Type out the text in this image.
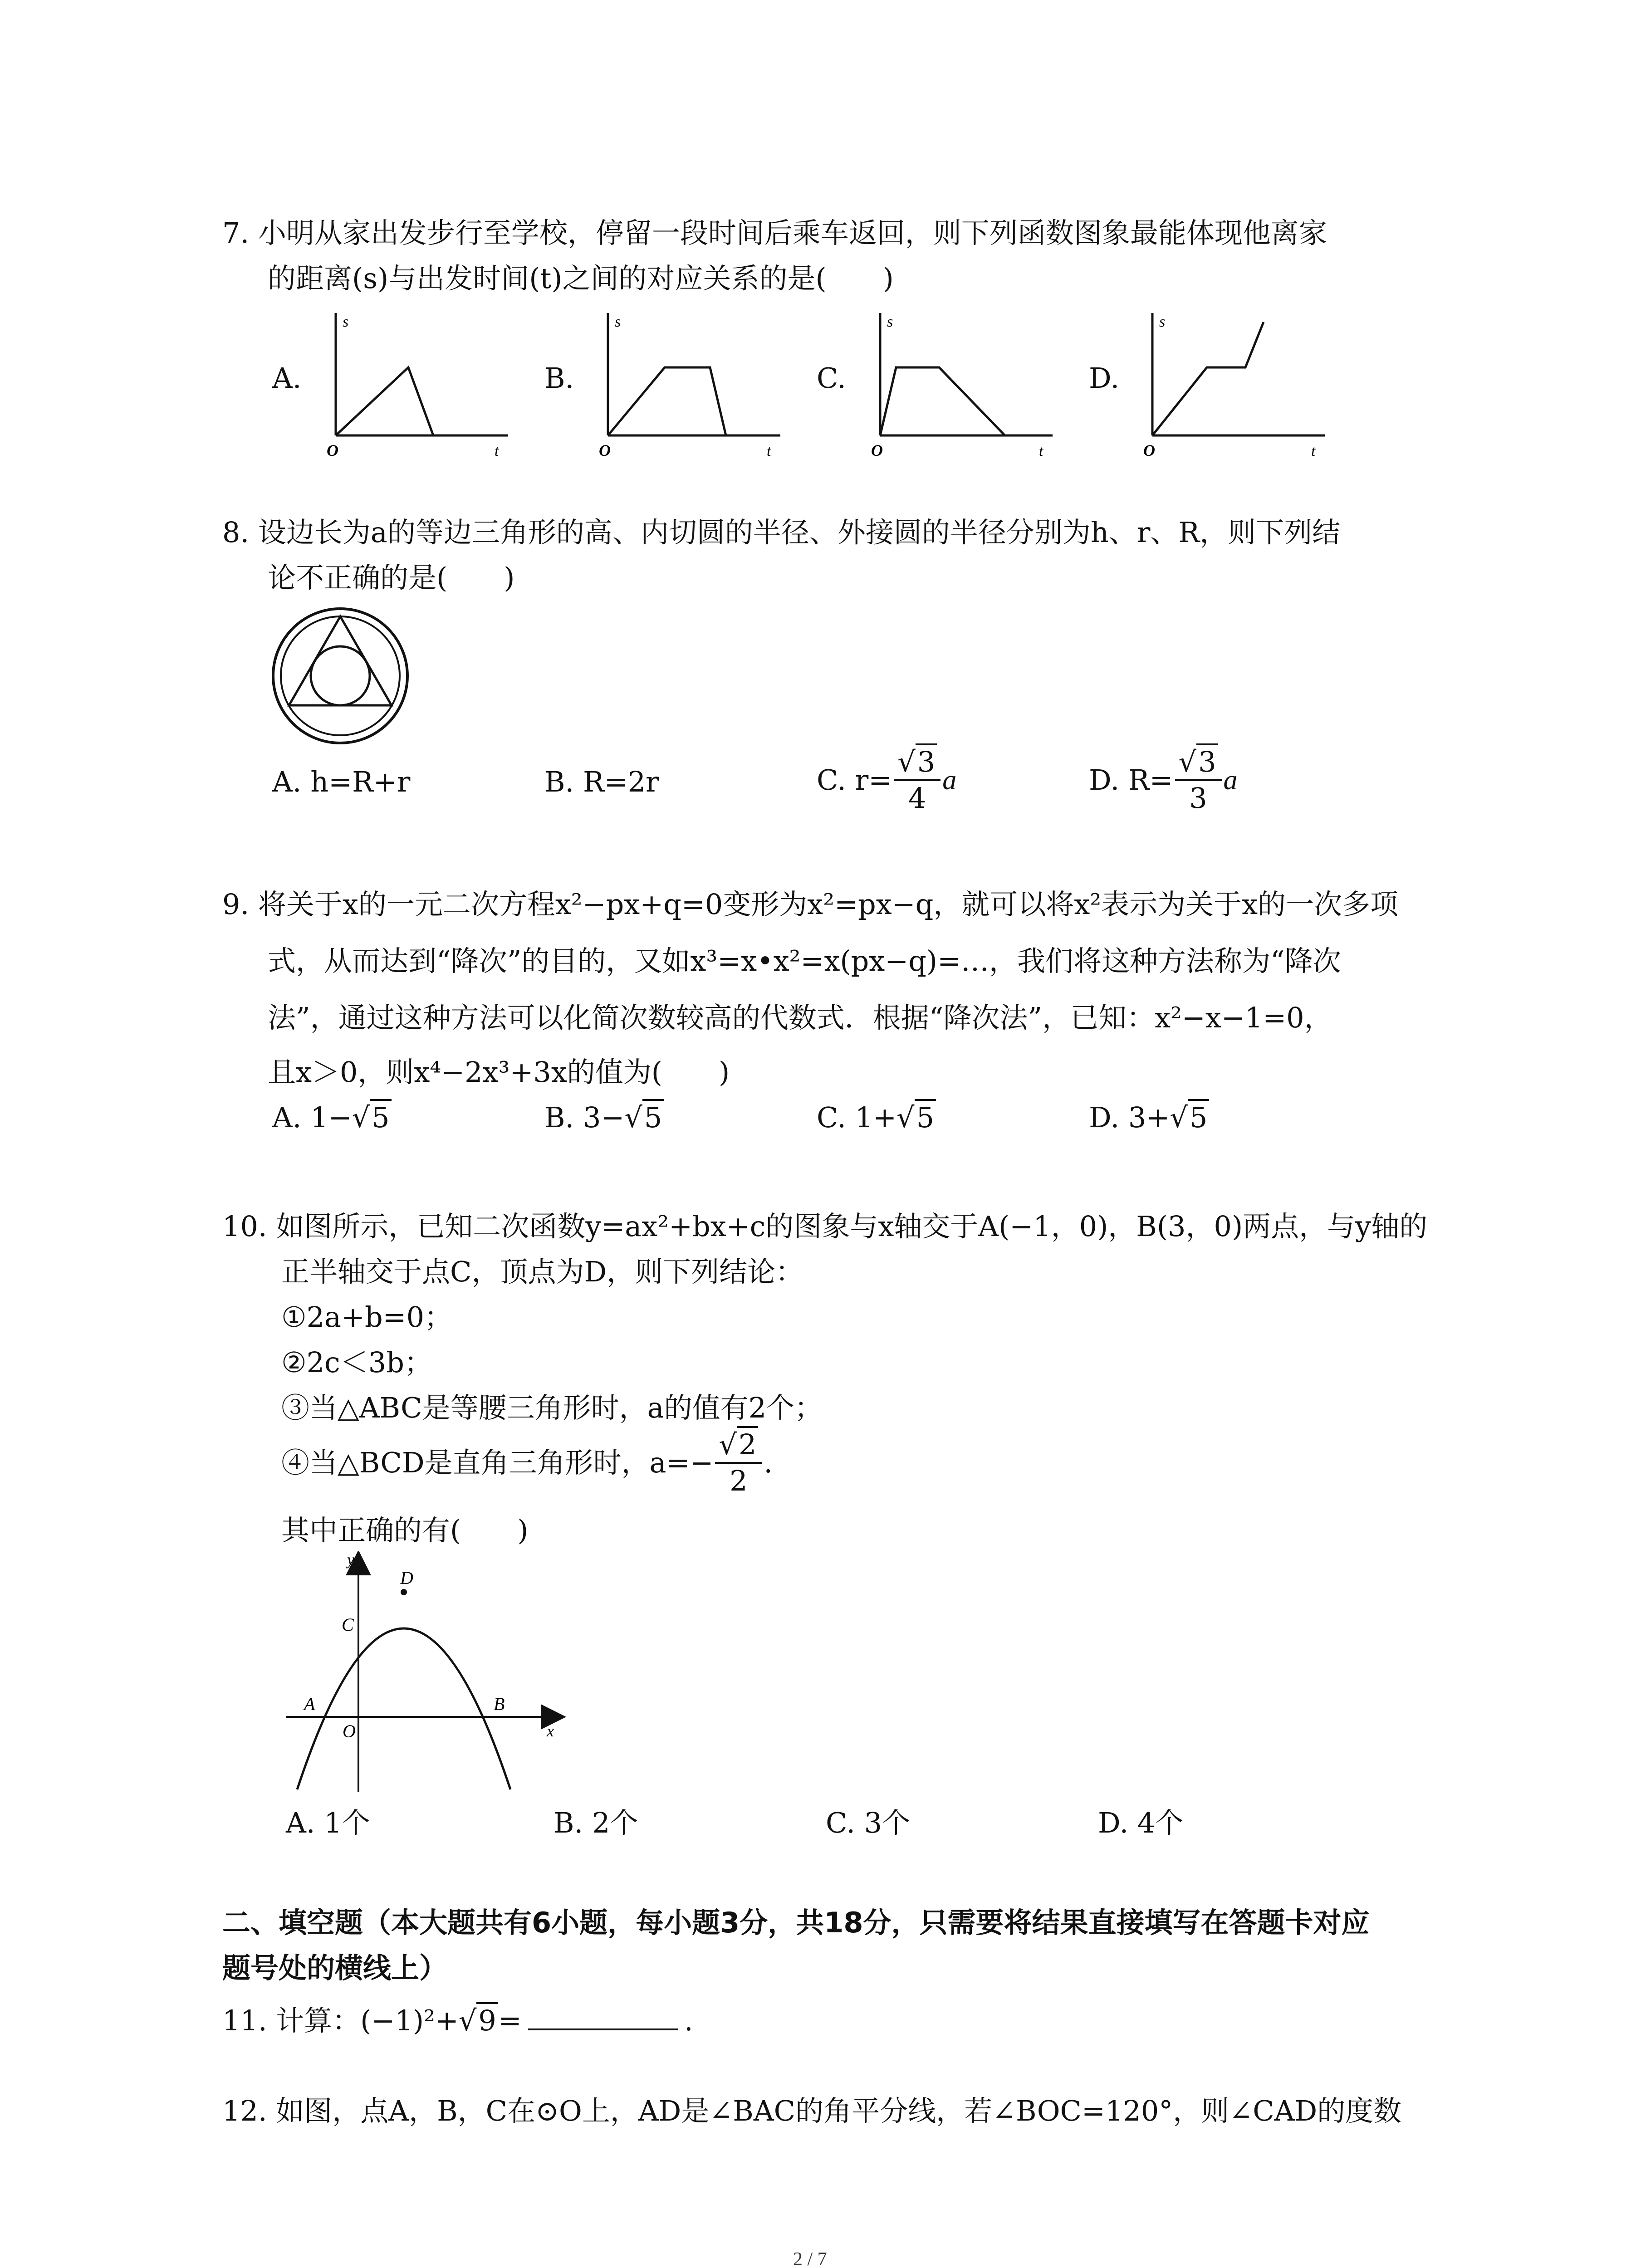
7. 小明从家出发步行至学校，停留一段时间后乘车返回，则下列函数图象最能体现他离家
的距离(s)与出发时间(t)之间的对应关系的是(　　)
A.	B.	C.	D.
s
t
O
s
t
O
s
t
O
s
t
O
8. 设边长为a的等边三角形的高、内切圆的半径、外接圆的半径分别为h、r、R，则下列结
论不正确的是(　　)
A. h=R+r	B. R=2r	C. $r= \frac{√3}{4}$ a	D. $R= \frac{√3}{3}$ a
9. 将关于x的一元二次方程x²−px+q=0变形为x²=px−q，就可以将x²表示为关于x的一次多项
式，从而达到“降次”的目的，又如x³=x•x²=x(px−q)=…，我们将这种方法称为“降次
法”，通过这种方法可以化简次数较高的代数式．根据“降次法”，已知：x²−x−1=0，
且x＞0，则x⁴−2x³+3x的值为(　　)
A. 1−√5	B. 3−√5	C. 1+√5	D. 3+√5
10. 如图所示，已知二次函数y=ax²+bx+c的图象与x轴交于A(−1，0)，B(3，0)两点，与y轴的
正半轴交于点C，顶点为D，则下列结论：
①2a+b=0；
②2c＜3b；
③当△ABC是等腰三角形时，a的值有2个；
④当△BCD是直角三角形时，$a=- \frac{√2}{2}$ .
其中正确的有(　　)
y
x
O
A	B
C
D
A. 1个	B. 2个	C. 3个	D. 4个
二、填空题（本大题共有6小题，每小题3分，共18分，只需要将结果直接填写在答题卡对应
题号处的横线上）
11. 计算：(−1)²+√9=	.
12. 如图，点A，B，C在⊙O上，AD是∠BAC的角平分线，若∠BOC=120°，则∠CAD的度数
2 / 7
